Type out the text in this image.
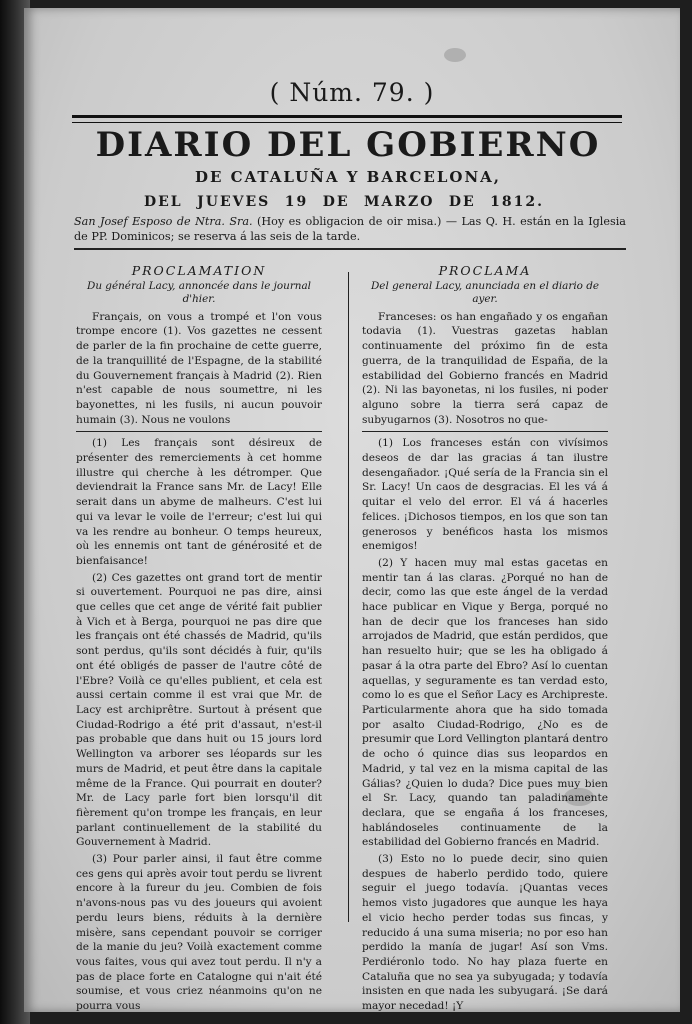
( Núm. 79. )
DIARIO DEL GOBIERNO
DE CATALUÑA Y BARCELONA,
DEL JUEVES 19 DE MARZO DE 1812.
San Josef Esposo de Ntra. Sra. (Hoy es obligacion de oir misa.) — Las Q. H. están en la Iglesia de PP. Dominicos; se reserva á las seis de la tarde.
PROCLAMATION
Du général Lacy, annoncée dans le journal d'hier.

Français, on vous a trompé et l'on vous trompe encore (1). Vos gazettes ne cessent de parler de la fin prochaine de cette guerre, de la tranquillité de l'Espagne, de la stabilité du Gouvernement français à Madrid (2). Rien n'est capable de nous soumettre, ni les bayonettes, ni les fusils, ni aucun pouvoir humain (3). Nous ne voulons

(1) Les français sont désireux de présenter des remerciements à cet homme illustre qui cherche à les détromper. Que deviendrait la France sans Mr. de Lacy! Elle serait dans un abyme de malheurs. C'est lui qui va levar le voile de l'erreur; c'est lui qui va les rendre au bonheur. O temps heureux, où les ennemis ont tant de générosité et de bienfaisance!

(2) Ces gazettes ont grand tort de mentir si ouvertement. Pourquoi ne pas dire, ainsi que celles que cet ange de vérité fait publier à Vich et à Berga, pourquoi ne pas dire que les français ont été chassés de Madrid, qu'ils sont perdus, qu'ils sont décidés à fuir, qu'ils ont été obligés de passer de l'autre côté de l'Ebre? Voilà ce qu'elles publient, et cela est aussi certain comme il est vrai que Mr. de Lacy est archiprêtre. Surtout à présent que Ciudad-Rodrigo a été prit d'assaut, n'est-il pas probable que dans huit ou 15 jours lord Wellington va arborer ses léopards sur les murs de Madrid, et peut être dans la capitale même de la France. Qui pourrait en douter? Mr. de Lacy parle fort bien lorsqu'il dit fièrement qu'on trompe les français, en leur parlant continuellement de la stabilité du Gouvernement à Madrid.

(3) Pour parler ainsi, il faut être comme ces gens qui après avoir tout perdu se livrent encore à la fureur du jeu. Combien de fois n'avons-nous pas vu des joueurs qui avoient perdu leurs biens, réduits à la dernière misère, sans cependant pouvoir se corriger de la manie du jeu? Voilà exactement comme vous faites, vous qui avez tout perdu. Il n'y a pas de place forte en Catalogne qui n'ait été soumise, et vous criez néanmoins qu'on ne pourra vous

PROCLAMA
Del general Lacy, anunciada en el diario de ayer.

Franceses: os han engañado y os engañan todavia (1). Vuestras gazetas hablan continuamente del próximo fin de esta guerra, de la tranquilidad de España, de la estabilidad del Gobierno francés en Madrid (2). Ni las bayonetas, ni los fusiles, ni poder alguno sobre la tierra será capaz de subyugarnos (3). Nosotros no que-

(1) Los franceses están con vivísimos deseos de dar las gracias á tan ilustre desengañador. ¡Qué sería de la Francia sin el Sr. Lacy! Un caos de desgracias. El les vá á quitar el velo del error. El vá á hacerles felices. ¡Dichosos tiempos, en los que son tan generosos y benéficos hasta los mismos enemigos!

(2) Y hacen muy mal estas gacetas en mentir tan á las claras. ¿Porqué no han de decir, como las que este ángel de la verdad hace publicar en Vique y Berga, porqué no han de decir que los franceses han sido arrojados de Madrid, que están perdidos, que han resuelto huir; que se les ha obligado á pasar á la otra parte del Ebro? Así lo cuentan aquellas, y seguramente es tan verdad esto, como lo es que el Señor Lacy es Archipreste. Particularmente ahora que ha sido tomada por asalto Ciudad-Rodrigo, ¿No es de presumir que Lord Vellington plantará dentro de ocho ó quince dias sus leopardos en Madrid, y tal vez en la misma capital de las Gálias? ¿Quien lo duda? Dice pues muy bien el Sr. Lacy, quando tan paladinamente declara, que se engaña á los franceses, hablándoseles continuamente de la estabilidad del Gobierno francés en Madrid.

(3) Esto no lo puede decir, sino quien despues de haberlo perdido todo, quiere seguir el juego todavía. ¡Quantas veces hemos visto jugadores que aunque les haya el vicio hecho perder todas sus fincas, y reducido á una suma miseria; no por eso han perdido la manía de jugar! Así son Vms. Perdiéronlo todo. No hay plaza fuerte en Cataluña que no sea ya subyugada; y todavía insisten en que nada les subyugará. ¡Se dará mayor necedad! ¡Y
